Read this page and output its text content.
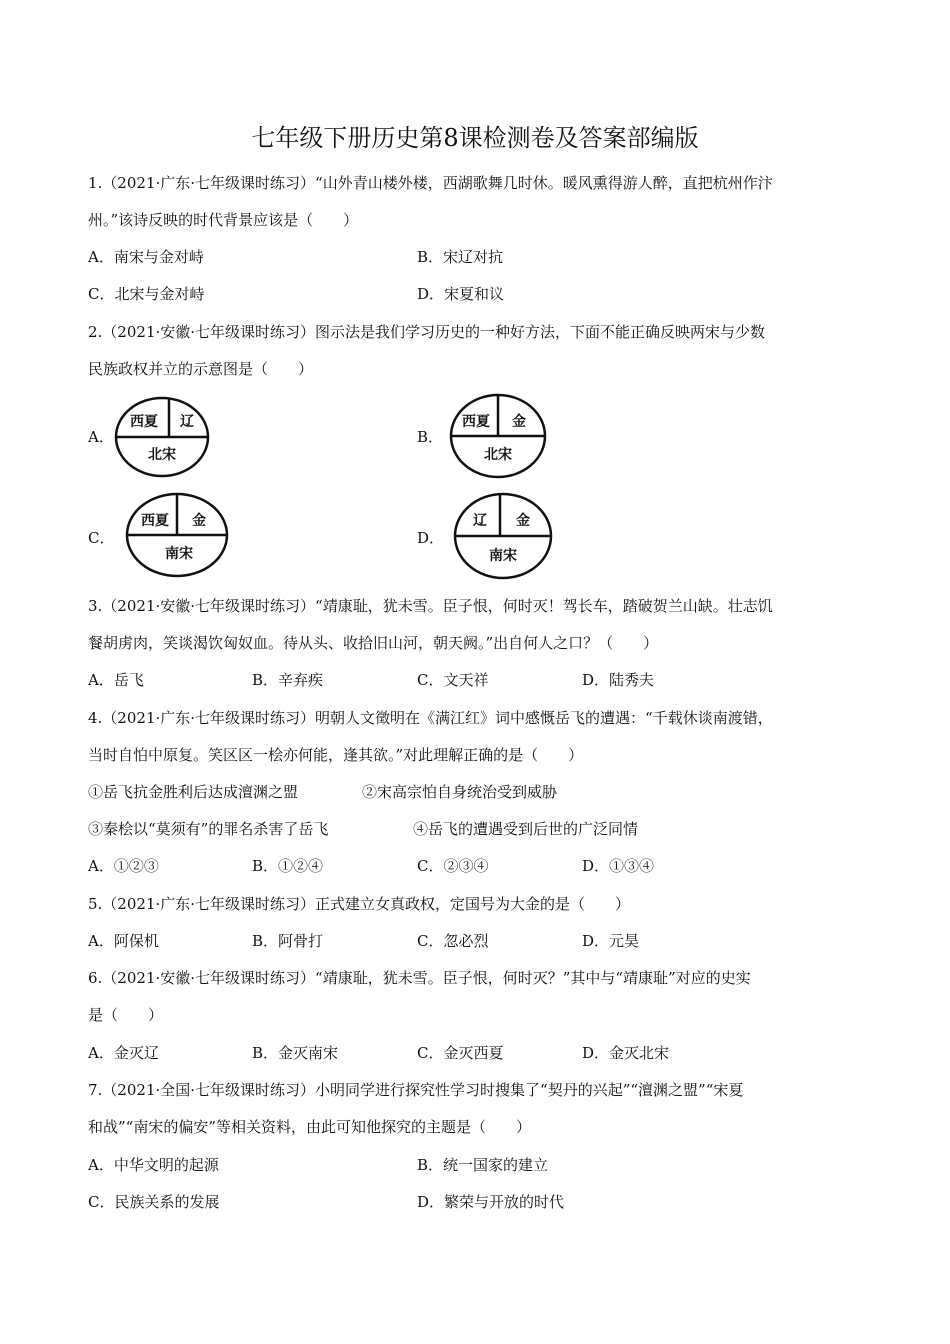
七年级下册历史第8课检测卷及答案部编版
1.（2021·广东·七年级课时练习）“山外青山楼外楼，西湖歌舞几时休。暖风熏得游人醉，直把杭州作汴
州。”该诗反映的时代背景应该是（　　）
A．南宋与金对峙	B．宋辽对抗
C．北宋与金对峙	D．宋夏和议
2.（2021·安徽·七年级课时练习）图示法是我们学习历史的一种好方法，下面不能正确反映两宋与少数
民族政权并立的示意图是（　　）
A．
西夏 辽
北宋
B．
西夏 金
北宋
C．
西夏 金
南宋
D．
辽 金
南宋
3.（2021·安徽·七年级课时练习）“靖康耻，犹未雪。臣子恨，何时灭！驾长车，踏破贺兰山缺。壮志饥
餐胡虏肉，笑谈渴饮匈奴血。待从头、收拾旧山河，朝天阙。”出自何人之口？（　　）
A．岳飞	B．辛弃疾	C．文天祥	D．陆秀夫
4.（2021·广东·七年级课时练习）明朝人文徵明在《满江红》词中感慨岳飞的遭遇：“千载休谈南渡错，
当时自怕中原复。笑区区一桧亦何能，逢其欲。”对此理解正确的是（　　）
①岳飞抗金胜利后达成澶渊之盟	②宋高宗怕自身统治受到威胁
③秦桧以“莫须有”的罪名杀害了岳飞	④岳飞的遭遇受到后世的广泛同情
A．①②③	B．①②④	C．②③④	D．①③④
5.（2021·广东·七年级课时练习）正式建立女真政权，定国号为大金的是（　　）
A．阿保机	B．阿骨打	C．忽必烈	D．元昊
6.（2021·安徽·七年级课时练习）“靖康耻，犹未雪。臣子恨，何时灭？”其中与“靖康耻”对应的史实
是（　　）
A．金灭辽	B．金灭南宋	C．金灭西夏	D．金灭北宋
7.（2021·全国·七年级课时练习）小明同学进行探究性学习时搜集了“契丹的兴起”“澶渊之盟”“宋夏
和战”“南宋的偏安”等相关资料，由此可知他探究的主题是（　　）
A．中华文明的起源	B．统一国家的建立
C．民族关系的发展	D．繁荣与开放的时代
